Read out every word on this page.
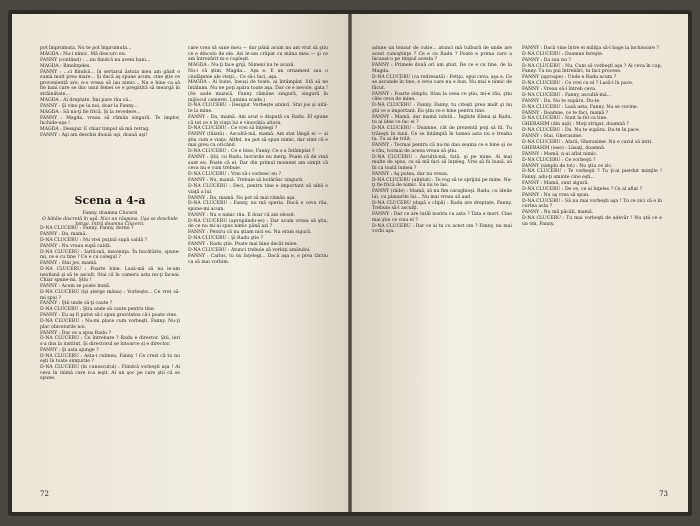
pot împrumuta. Nu te pot împrumuta...

MAGDA : Nu-i nimic. Mă descurc eu.

FANNY (contând) : ...nu fiindcă nu aveni bani...

MAGDA : Bineînţeles.

FANNY : ...ci fiindcă... în sertarul ăstuia meu am găsit o sumă mult prea mare... Şi dacă aş spune acum, cine ştie ce proveniență are, n-o vreau să iau nimic... Nu e bine ca să fie bani care se duc unui femei ce e pregătită să meargă în străinătate...

MAGDA : Ai dreptate. Îmi pare rău că...

FANNY : Şi vino pe la noi, doar la Fanny...

MAGDA : Să nu-ţi fie frică. Şi la revedere...

FANNY : Magda, vreau să rămân singură. Te implor, închide-uşa !

MAGDA : Desigur. E chiar timpul să mă retrag.

FANNY : Aşi am deschis doauă uşi, doauă uşi!

Scena a 4-a

Fanny, doamna Clucerii

O bătăie discretă în uşă. Nici un răspuns. Uşa se deschide totuşi. Intră doamna Clucerii.

D-NA CLUCERU : Fanny, Fanny, dormi ?

FANNY : Da, mamă.

D-NA CLUCERU : Nu vrei puţină supă caldă ?

FANNY : Nu vreau supă caldă.

D-NA CLUCERU : Iartă-mă, insolenţa. În bucătărie, spune-mi, ce e cu tine ? Ce e cu colegul ?

FANNY : Stai jos, mamă.

D-NA CLUCERU : Foarte bine. Lasă-mă să nu le-am neofisnă şi să te ascult. Stai că în camera asta nu-ţi faceai. Chiar spune-mi. Ştiu !

FANNY : Acum se poate bună.

D-NA CLUCERU (îşi şterge mâna) : Vorbeşte... Ce vrei să-mi spui ?

FANNY : Ştii unde să-ţi caute ?

D-NA CLUCERU : Ştiu unde să caute pentru tine.

FANNY : Eu aş fi putut să-i spun gravitatea că-i poate vine.

D-NA CLUCERU : Nu-mi place cum vorbeşti. Fanny. Nu-ţi plac obiceiurile noi.

FANNY : Dar ce a spus Radu ?

D-NA CLUCERU : Ce întrebare ? Radu e director. Ştii, ieri s-a dus la institut. Şi directorul se întoarce și e director.

FANNY : Şi asta ajunge ?

D-NA CLUCERU : Asta-i culmea, Fanny ! Ce crezi că tu nu eşti în toate simţurile ?

D-NA CLUCERU (în cunoscutul) : Fiindcă vorbeşti aşa ! Ai ceva în inimă care n-a ieşit. Ai un şoc pe care ştii că se spune.

care vrea să sune meu — dar până acum nu am vrut să ştiu ce e dincolo de ele. Azi le-am crăpat cu mâna mea — şi ce am întrezărit m-o copleşit.

MAGDA : Nu-ţi face griji. Nimeni nu te acuză.

Nu-i că ştim, Magda... Aşa e. E un ornament sau o ciudăţenie ale vieţii... Ce să-i faci, aşa.

MAGDA : Ai bune, însuşi de toate, ai întâmplat. Stă să ne întâlnim. Nu ne poţi apăra toate aşa. Dar ce e nevoie, gata !

(Se aude muzică. Fanny rămâne singură, singură în mijlocul camerei. Lumina scade.)

D-NA CLUCERU : Desigur. Vorbeşte atunci. Stai jos şi uită-te la mine.

FANNY : Da, mamă. Am avut o dispută cu Radu. El spune că tot ce e în viaţa lui e vinovăţia altora.

D-NA CLUCERU : Ce vrei să înţelegi ?

FANNY (tăiată) : Ascultă-mă, mamă. Am stat lângă ei — și ştiu cum e viaţa. Altfel, nu pot să spun nimic, dar simt că e mai greu ca oricând.

D-NA CLUCERU : Ce e bine, Fanny. Ce s-a întâmplat ?

FANNY : Ştii, cu Radu, lucrurile nu merg. Poate că de vină sunt eu. Poate că el. Dar din primul moment am simţit că ceva nu e cum trebuie.

D-NA CLUCERU : Vrei să-i vorbesc eu ?

FANNY : Nu, mamă. Trebuie să hotărăsc singură.

D-NA CLUCERU : Deci, pentru tine e important să aibă o viaţă a lui.

FANNY : Da, mamă. Nu pot să mai rămân aşa.

D-NA CLUCERU : Fanny, nu mă speria. Dacă e ceva rău, spune-mi acum.

FANNY : Nu e nimic rău. E doar că am obosit.

D-NA CLUCERU (apropiindu-se) : Dar acum vreau să ştiu, de ce nu mi-ai spus nimic până azi ?

FANNY : Pentru că nu ştiam nici eu. Nu eram sigură.

D-NA CLUCERU : Şi Radu ştie ?

FANNY : Radu ştie. Poate mai bine decât mine.

D-NA CLUCERU : Atunci trebuie să vorbiţi amândoi.

FANNY : Carlos, tu nu înţelegi... Dacă aşa e, e prea târziu ca să mai vorbim.

72

adune un tezaur de cutie... atunci mă tulbură de unde are acest cunoştinţe ? Ce e cu Radu ? Poate e prima care a încasat-o pe timpul acesta ?

FANNY : Primele două ori am ştiut. De ce e cu tine, de la Magda.

D-NA CLUCERU (ca redresată) : Fetiţo, spui ceva, aşa e. Ce se ascunde în tine, e ceva care nu e bun. Nu mai e nimic de făcut.

FANNY : Foarte simplu. Stau la ceea ce ştiu, mi-e rău, ştiu câte ceva de mine.

D-NA CLUCERU : Fanny, Fanny, tu citeşti prea mult şi nu ştii ce e important. Eu ştiu ce e bine pentru tine.

FANNY : Mamă, dar mamă iubită... Înghite Elena şi Radu, tu ai idee ce fac ei ?

D-NA CLUCERU : Doamne, cât de prezentă poţi să fii. Tu trăieşti în lună. Ce se întâmplă în lumea asta nu e treaba ta. Tu ai de trăit.

FANNY : Tocmai pentru că nu-mi dau seama ce e bine şi ce e rău, tocmai de aceea vreau să ştiu.

D-NA CLUCERU : Ascultă-mă, fată, şi pe mine. Ai mai multe de spus, ca să mă faci să înţeleg. Vrei să fii bună, să fii ca toată lumea ?

FANNY : Aş putea, dar nu vreau.

D-NA CLUCERU (alintat) : Te rog să te sprijini pe mine. Nu-ţi fie frică de nimic. Eu nu te las.

FANNY (râde) : Mamă, să nu fim caraghioşi. Radu, cu ideile lui, cu planurile lui... Nu mai vreau să aud.

D-NA CLUCERU (după o clipă) : Radu are dreptate, Fanny. Trebuie să-l asculţi.

FANNY : Dar ce are tatăl nostru cu asta ? Tata e mort. Cine mai ştie ce voia el ?

D-NA CLUCERU : Dar ce ai tu cu acest om ? Fanny, nu mai vorbi aşa.

FANNY : Dacă vine între ei miliţia să-l bage la închisoare ?

D-NA CLUCERU : Doamne fereşte.

FANNY : Da sau nu ?

D-NA CLUCERU : Nu. Cum să vorbeşti aşa ? Ai ceva în cap, Fanny. Tu nu pui întrebări, tu faci procese.

FANNY (aproape) : Unde e Radu acum ?

D-NA CLUCERU : Ce vrei cu el ? Lasă-l în pace.

FANNY : Vreau să-l întreb ceva.

D-NA CLUCERU : Fanny, ascultă-mă...

FANNY : Da. Nu te supăra. Du-te.

D-NA CLUCERU : Lasă asta, Fanny. Nu se cuvine.

FANNY : Doamne, ce te faci, mamă ?

D-NA CLUCERU : Sunt la fel ca tine.

GHERASIM (din uşă) : Moţi strigat, doamnă ?

D-NA CLUCERU : Da. Nu te supăra. Du-te în pace.

FANNY : Stai, Gherasime.

D-NA CLUCERU : Afară, Gherasime. Nu e cazul să intri.

GHERASIM (iese) : Lăsaţi, doamnă.

FANNY : Mamă, n-ai aflat nimic.

D-NA CLUCERU : Ce vorbeşti ?

FANNY (simplu de tot) : Nu ştiu ce zic.

D-NA CLUCERU : Te vorbeşti ? Tu ţi-ai pierdut minţile ! Fanny, adu-ţi aminte cine eşti...

FANNY : Mamă, sunt sigură.

D-NA CLUCERU : De ce, ce ai înţeles ? Ce ai aflat ?

FANNY : Nu aş vrea să spun.

D-NA CLUCERU : Să nu mai vorbeşti aşa ! Tu ce zici că e în curtea asta ?

FANNY : Nu mă păcăli, mamă.

D-NA CLUCERU : Tu mai vorbeşti de adevăr ! Nu ştii ce e un om, Fanny.

73
